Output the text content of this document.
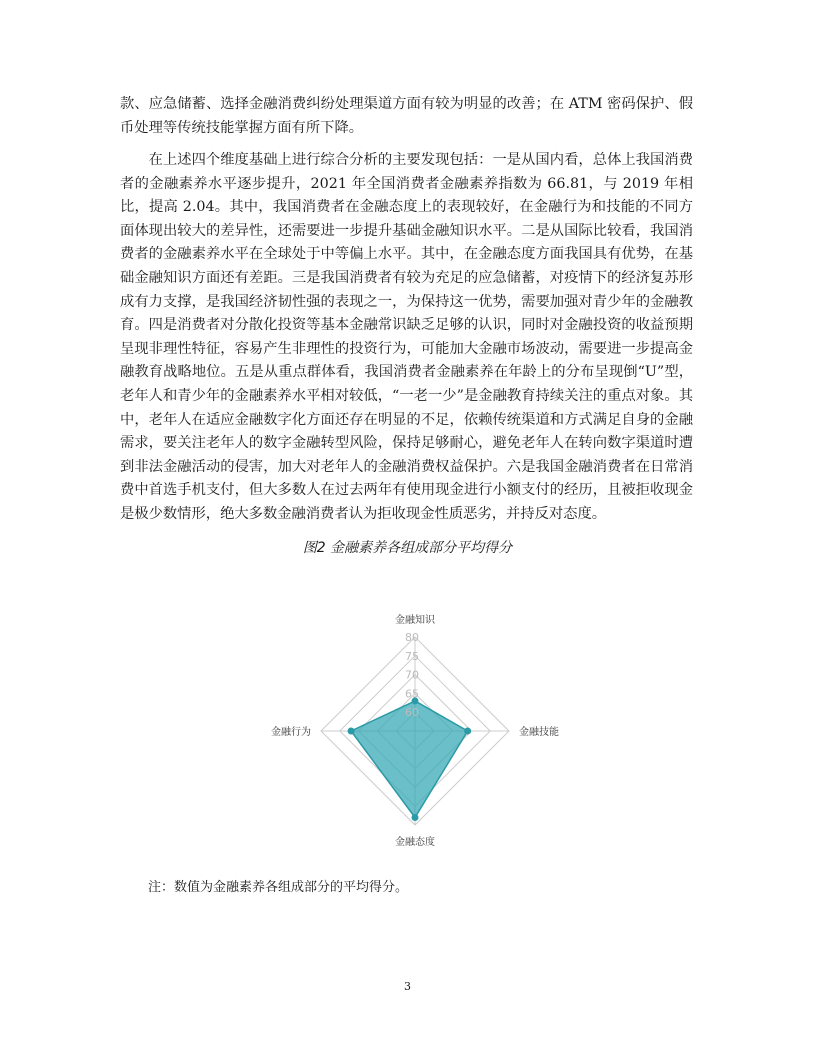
款、应急储蓄、选择金融消费纠纷处理渠道方面有较为明显的改善；在 ATM 密码保护、假币处理等传统技能掌握方面有所下降。
在上述四个维度基础上进行综合分析的主要发现包括：一是从国内看，总体上我国消费者的金融素养水平逐步提升，2021 年全国消费者金融素养指数为 66.81，与 2019 年相比，提高 2.04。其中，我国消费者在金融态度上的表现较好，在金融行为和技能的不同方面体现出较大的差异性，还需要进一步提升基础金融知识水平。二是从国际比较看，我国消费者的金融素养水平在全球处于中等偏上水平。其中，在金融态度方面我国具有优势，在基础金融知识方面还有差距。三是我国消费者有较为充足的应急储蓄，对疫情下的经济复苏形成有力支撑，是我国经济韧性强的表现之一，为保持这一优势，需要加强对青少年的金融教育。四是消费者对分散化投资等基本金融常识缺乏足够的认识，同时对金融投资的收益预期呈现非理性特征，容易产生非理性的投资行为，可能加大金融市场波动，需要进一步提高金融教育战略地位。五是从重点群体看，我国消费者金融素养在年龄上的分布呈现倒“U”型，老年人和青少年的金融素养水平相对较低，“一老一少”是金融教育持续关注的重点对象。其中，老年人在适应金融数字化方面还存在明显的不足，依赖传统渠道和方式满足自身的金融需求，要关注老年人的数字金融转型风险，保持足够耐心，避免老年人在转向数字渠道时遭到非法金融活动的侵害，加大对老年人的金融消费权益保护。六是我国金融消费者在日常消费中首选手机支付，但大多数人在过去两年有使用现金进行小额支付的经历，且被拒收现金是极少数情形，绝大多数金融消费者认为拒收现金性质恶劣，并持反对态度。
图2 金融素养各组成部分平均得分
60
65
70
75
80
金融知识
金融技能
金融态度
金融行为
注：数值为金融素养各组成部分的平均得分。
3
